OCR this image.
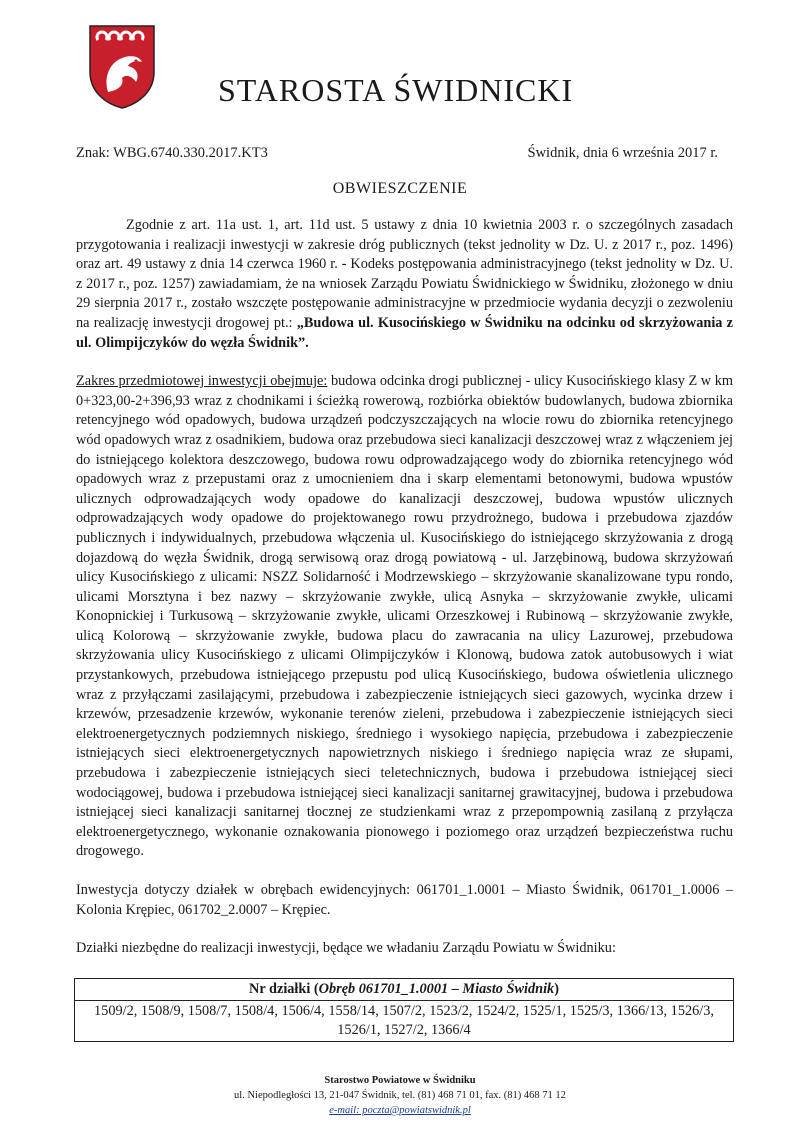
STAROSTA ŚWIDNICKI
Znak: WBG.6740.330.2017.KT3	Świdnik, dnia 6 września 2017 r.
OBWIESZCZENIE

Zgodnie z art. 11a ust. 1, art. 11d ust. 5 ustawy z dnia 10 kwietnia 2003 r. o szczególnych zasadach przygotowania i realizacji inwestycji w zakresie dróg publicznych (tekst jednolity w Dz. U. z 2017 r., poz. 1496) oraz art. 49 ustawy z dnia 14 czerwca 1960 r. - Kodeks postępowania administracyjnego (tekst jednolity w Dz. U. z 2017 r., poz. 1257) zawiadamiam, że na wniosek Zarządu Powiatu Świdnickiego w Świdniku, złożonego w dniu 29 sierpnia 2017 r., zostało wszczęte postępowanie administracyjne w przedmiocie wydania decyzji o zezwoleniu na realizację inwestycji drogowej pt.: „Budowa ul. Kusocińskiego w Świdniku na odcinku od skrzyżowania z ul. Olimpijczyków do węzła Świdnik”.

Zakres przedmiotowej inwestycji obejmuje: budowa odcinka drogi publicznej - ulicy Kusocińskiego klasy Z w km 0+323,00-2+396,93 wraz z chodnikami i ścieżką rowerową, rozbiórka obiektów budowlanych, budowa zbiornika retencyjnego wód opadowych, budowa urządzeń podczyszczających na wlocie rowu do zbiornika retencyjnego wód opadowych wraz z osadnikiem, budowa oraz przebudowa sieci kanalizacji deszczowej wraz z włączeniem jej do istniejącego kolektora deszczowego, budowa rowu odprowadzającego wody do zbiornika retencyjnego wód opadowych wraz z przepustami oraz z umocnieniem dna i skarp elementami betonowymi, budowa wpustów ulicznych odprowadzających wody opadowe do kanalizacji deszczowej, budowa wpustów ulicznych odprowadzających wody opadowe do projektowanego rowu przydrożnego, budowa i przebudowa zjazdów publicznych i indywidualnych, przebudowa włączenia ul. Kusocińskiego do istniejącego skrzyżowania z drogą dojazdową do węzła Świdnik, drogą serwisową oraz drogą powiatową - ul. Jarzębinową, budowa skrzyżowań ulicy Kusocińskiego z ulicami: NSZZ Solidarność i Modrzewskiego – skrzyżowanie skanalizowane typu rondo, ulicami Morsztyna i bez nazwy – skrzyżowanie zwykłe, ulicą Asnyka – skrzyżowanie zwykłe, ulicami Konopnickiej i Turkusową – skrzyżowanie zwykłe, ulicami Orzeszkowej i Rubinową – skrzyżowanie zwykłe, ulicą Kolorową – skrzyżowanie zwykłe, budowa placu do zawracania na ulicy Lazurowej, przebudowa skrzyżowania ulicy Kusocińskiego z ulicami Olimpijczyków i Klonową, budowa zatok autobusowych i wiat przystankowych, przebudowa istniejącego przepustu pod ulicą Kusocińskiego, budowa oświetlenia ulicznego wraz z przyłączami zasilającymi, przebudowa i zabezpieczenie istniejących sieci gazowych, wycinka drzew i krzewów, przesadzenie krzewów, wykonanie terenów zieleni, przebudowa i zabezpieczenie istniejących sieci elektroenergetycznych podziemnych niskiego, średniego i wysokiego napięcia, przebudowa i zabezpieczenie istniejących sieci elektroenergetycznych napowietrznych niskiego i średniego napięcia wraz ze słupami, przebudowa i zabezpieczenie istniejących sieci teletechnicznych, budowa i przebudowa istniejącej sieci wodociągowej, budowa i przebudowa istniejącej sieci kanalizacji sanitarnej grawitacyjnej, budowa i przebudowa istniejącej sieci kanalizacji sanitarnej tłocznej ze studzienkami wraz z przepompownią zasilaną z przyłącza elektroenergetycznego, wykonanie oznakowania pionowego i poziomego oraz urządzeń bezpieczeństwa ruchu drogowego.

Inwestycja dotyczy działek w obrębach ewidencyjnych: 061701_1.0001 – Miasto Świdnik, 061701_1.0006 – Kolonia Krępiec, 061702_2.0007 – Krępiec.

Działki niezbędne do realizacji inwestycji, będące we władaniu Zarządu Powiatu w Świdniku:

Nr działki (Obręb 061701_1.0001 – Miasto Świdnik)
1509/2, 1508/9, 1508/7, 1508/4, 1506/4, 1558/14, 1507/2, 1523/2, 1524/2, 1525/1, 1525/3, 1366/13, 1526/3, 1526/1, 1527/2, 1366/4
Starostwo Powiatowe w Świdniku
ul. Niepodległości 13, 21-047 Świdnik, tel. (81) 468 71 01, fax. (81) 468 71 12
e-mail: poczta@powiatswidnik.pl
